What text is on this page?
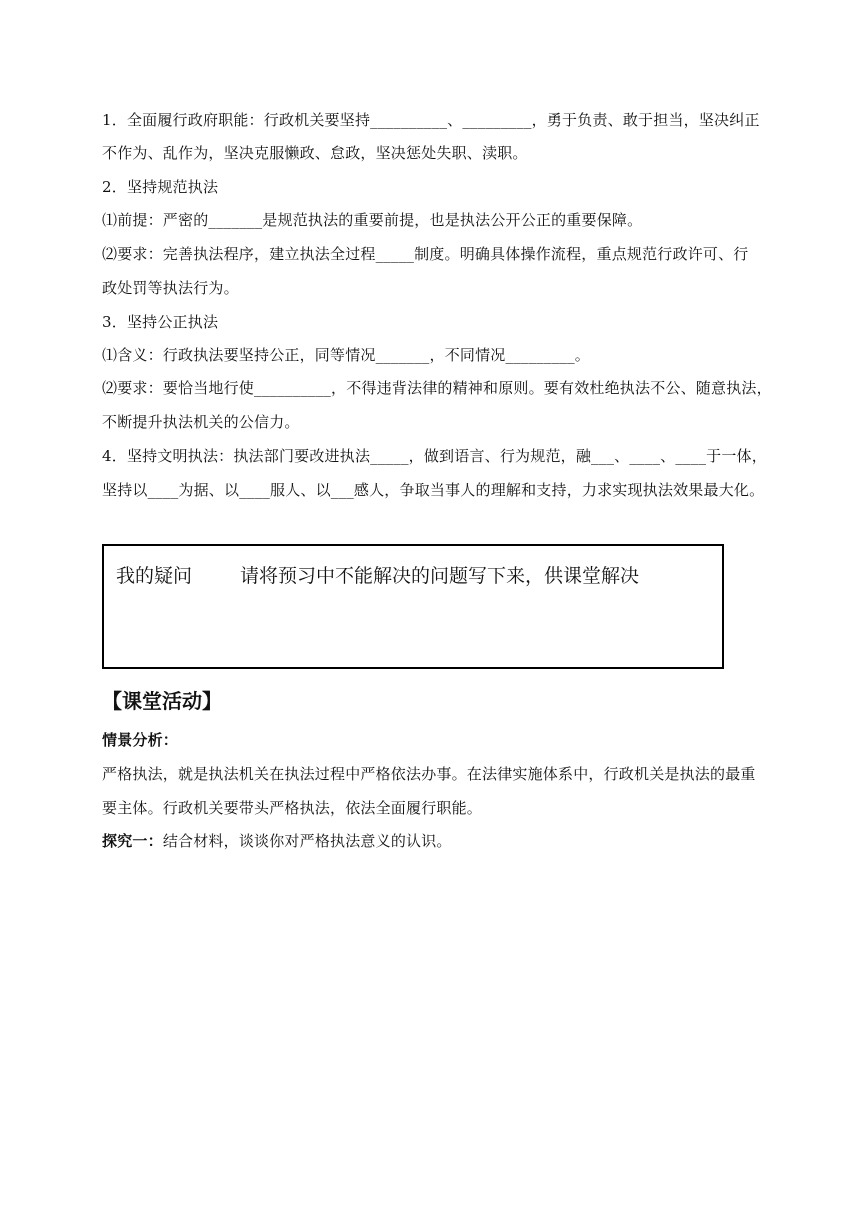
1．全面履行政府职能：行政机关要坚持__________、_________，勇于负责、敢于担当，坚决纠正
不作为、乱作为，坚决克服懒政、怠政，坚决惩处失职、渎职。
2．坚持规范执法
⑴前提：严密的_______是规范执法的重要前提，也是执法公开公正的重要保障。
⑵要求：完善执法程序，建立执法全过程_____制度。明确具体操作流程，重点规范行政许可、行
政处罚等执法行为。
3．坚持公正执法
⑴含义：行政执法要坚持公正，同等情况_______，不同情况_________。
⑵要求：要恰当地行使__________，不得违背法律的精神和原则。要有效杜绝执法不公、随意执法，
不断提升执法机关的公信力。
4．坚持文明执法：执法部门要改进执法_____，做到语言、行为规范，融___、____、____于一体，
坚持以____为据、以____服人、以___感人，争取当事人的理解和支持，力求实现执法效果最大化。
我的疑问	请将预习中不能解决的问题写下来，供课堂解决
【课堂活动】
情景分析：
严格执法，就是执法机关在执法过程中严格依法办事。在法律实施体系中，行政机关是执法的最重
要主体。行政机关要带头严格执法，依法全面履行职能。
探究一：结合材料，谈谈你对严格执法意义的认识。
